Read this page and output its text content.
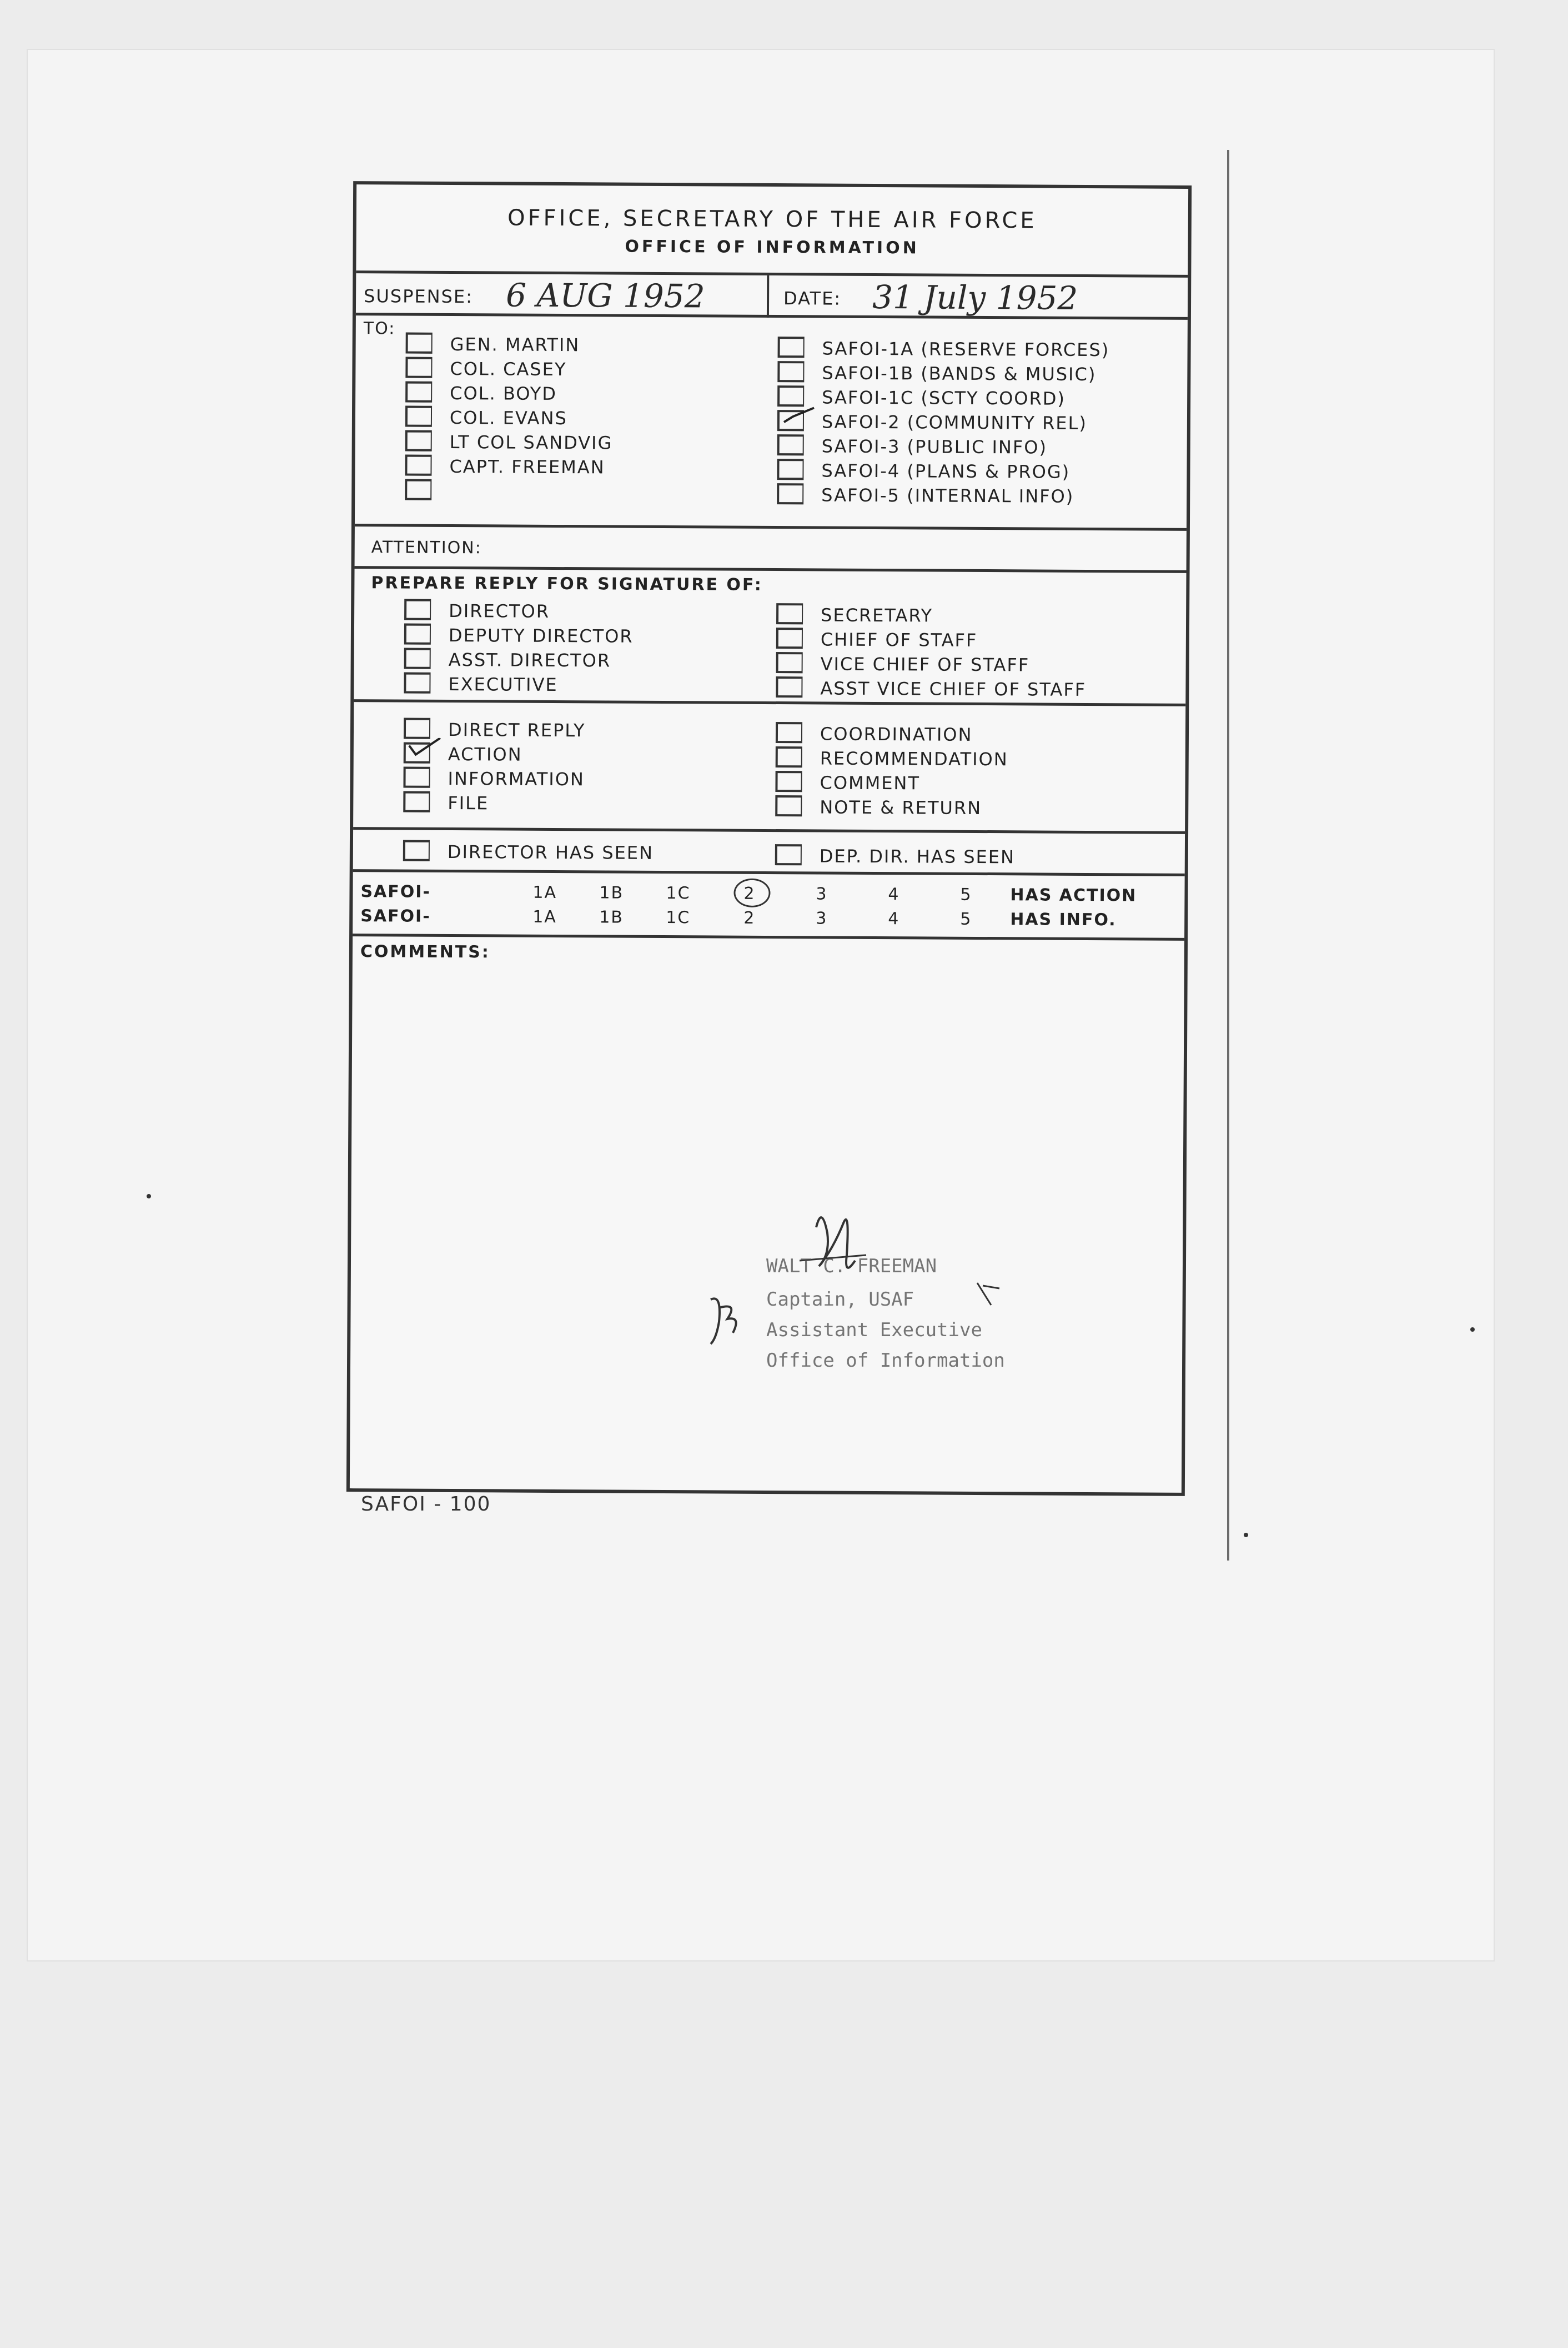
OFFICE, SECRETARY OF THE AIR FORCE
OFFICE OF INFORMATION
SUSPENSE: 6 AUG 1952	DATE: 31 July 1952
TO:
GEN. MARTIN
COL. CASEY
COL. BOYD
COL. EVANS
LT COL SANDVIG
CAPT. FREEMAN
SAFOI-1A (RESERVE FORCES)
SAFOI-1B (BANDS & MUSIC)
SAFOI-1C (SCTY COORD)
SAFOI-2 (COMMUNITY REL)
SAFOI-3 (PUBLIC INFO)
SAFOI-4 (PLANS & PROG)
SAFOI-5 (INTERNAL INFO)
ATTENTION:
PREPARE REPLY FOR SIGNATURE OF:
DIRECTOR
DEPUTY DIRECTOR
ASST. DIRECTOR
EXECUTIVE
SECRETARY
CHIEF OF STAFF
VICE CHIEF OF STAFF
ASST VICE CHIEF OF STAFF
DIRECT REPLY
ACTION
INFORMATION
FILE
COORDINATION
RECOMMENDATION
COMMENT
NOTE & RETURN
DIRECTOR HAS SEEN	DEP. DIR. HAS SEEN
SAFOI-	1A	1B	1C	2	3	4	5 HAS ACTION
SAFOI-	1A	1B	1C	2	3	4	5 HAS INFO.
COMMENTS:
WALT C. FREEMAN
Captain, USAF
Assistant Executive
Office of Information
SAFOI - 100
